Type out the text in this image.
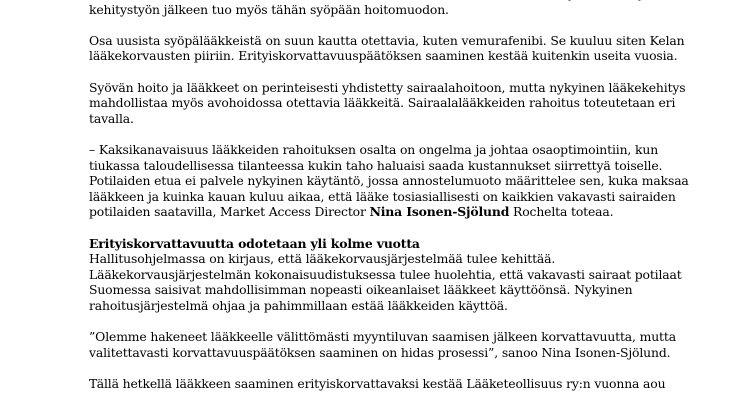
kehitystyön jälkeen tuo myös tähän syöpään hoitomuodon.

Osa uusista syöpälääkkeistä on suun kautta otettavia, kuten vemurafenibi. Se kuuluu siten Kelan
lääkekorvausten piiriin. Erityiskorvattavuuspäätöksen saaminen kestää kuitenkin useita vuosia.

Syövän hoito ja lääkkeet on perinteisesti yhdistetty sairaalahoitoon, mutta nykyinen lääkekehitys
mahdollistaa myös avohoidossa otettavia lääkkeitä. Sairaalalääkkeiden rahoitus toteutetaan eri
tavalla.

– Kaksikanavaisuus lääkkeiden rahoituksen osalta on ongelma ja johtaa osaoptimointiin, kun
tiukassa taloudellisessa tilanteessa kukin taho haluaisi saada kustannukset siirrettyä toiselle.
Potilaiden etua ei palvele nykyinen käytäntö, jossa annostelumuoto määrittelee sen, kuka maksaa
lääkkeen ja kuinka kauan kuluu aikaa, että lääke tosiasiallisesti on kaikkien vakavasti sairaiden
potilaiden saatavilla, Market Access Director Nina Isonen-Sjölund Rochelta toteaa.

Erityiskorvattavuutta odotetaan yli kolme vuotta
Hallitusohjelmassa on kirjaus, että lääkekorvausjärjestelmää tulee kehittää.
Lääkekorvausjärjestelmän kokonaisuudistuksessa tulee huolehtia, että vakavasti sairaat potilaat
Suomessa saisivat mahdollisimman nopeasti oikeanlaiset lääkkeet käyttöönsä. Nykyinen
rahoitusjärjestelmä ohjaa ja pahimmillaan estää lääkkeiden käyttöä.

”Olemme hakeneet lääkkeelle välittömästi myyntiluvan saamisen jälkeen korvattavuutta, mutta
valitettavasti korvattavuuspäätöksen saaminen on hidas prosessi”, sanoo Nina Isonen-Sjölund.

Tällä hetkellä lääkkeen saaminen erityiskorvattavaksi kestää Lääketeollisuus ry:n vuonna aou
